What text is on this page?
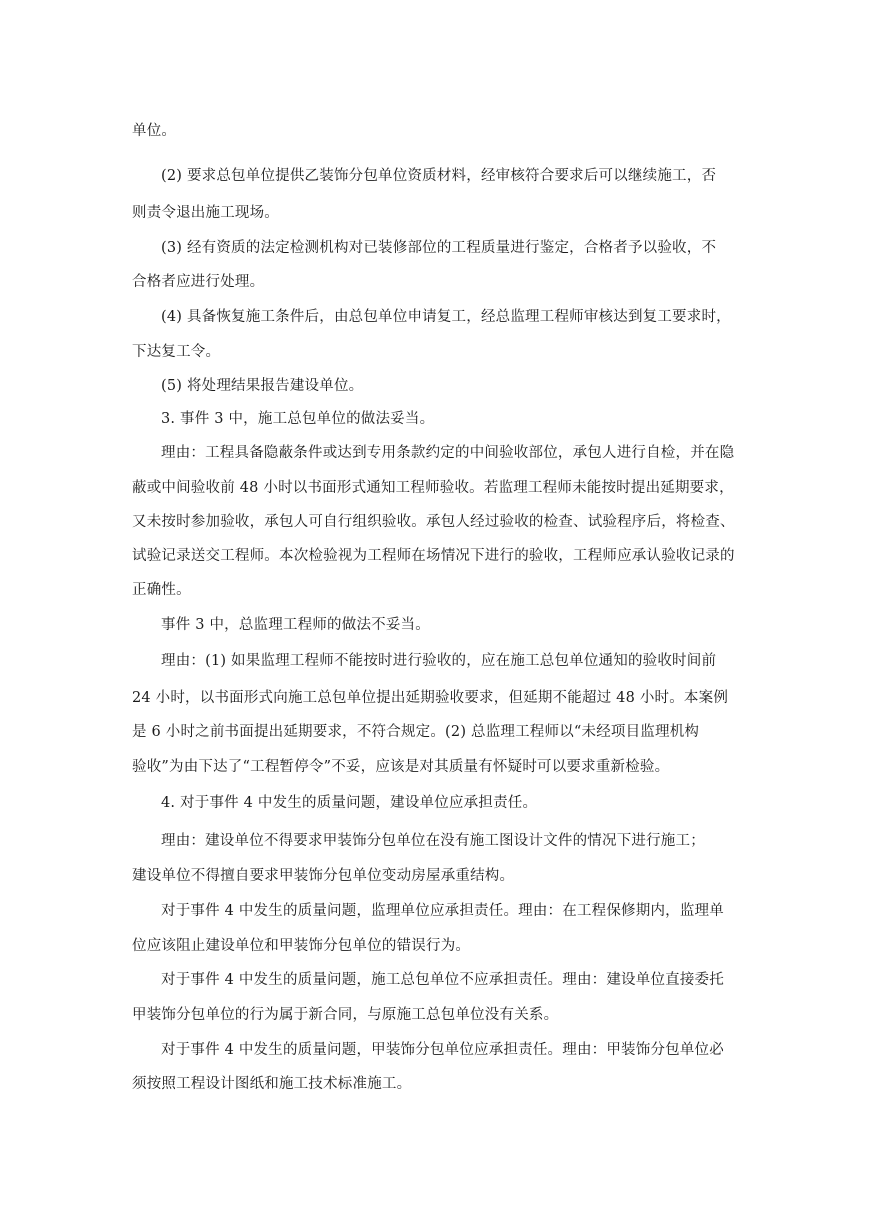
单位。
(2) 要求总包单位提供乙装饰分包单位资质材料，经审核符合要求后可以继续施工，否
则责令退出施工现场。
(3) 经有资质的法定检测机构对已装修部位的工程质量进行鉴定，合格者予以验收，不
合格者应进行处理。
(4) 具备恢复施工条件后，由总包单位申请复工，经总监理工程师审核达到复工要求时，
下达复工令。
(5) 将处理结果报告建设单位。
3. 事件 3 中，施工总包单位的做法妥当。
理由：工程具备隐蔽条件或达到专用条款约定的中间验收部位，承包人进行自检，并在隐
蔽或中间验收前 48 小时以书面形式通知工程师验收。若监理工程师未能按时提出延期要求，
又未按时参加验收，承包人可自行组织验收。承包人经过验收的检查、试验程序后，将检查、
试验记录送交工程师。本次检验视为工程师在场情况下进行的验收，工程师应承认验收记录的
正确性。
事件 3 中，总监理工程师的做法不妥当。
理由：(1) 如果监理工程师不能按时进行验收的，应在施工总包单位通知的验收时间前
24 小时，以书面形式向施工总包单位提出延期验收要求，但延期不能超过 48 小时。本案例
是 6 小时之前书面提出延期要求，不符合规定。(2) 总监理工程师以“未经项目监理机构
验收”为由下达了“工程暂停令”不妥，应该是对其质量有怀疑时可以要求重新检验。
4. 对于事件 4 中发生的质量问题，建设单位应承担责任。
理由：建设单位不得要求甲装饰分包单位在没有施工图设计文件的情况下进行施工；
建设单位不得擅自要求甲装饰分包单位变动房屋承重结构。
对于事件 4 中发生的质量问题，监理单位应承担责任。理由：在工程保修期内，监理单
位应该阻止建设单位和甲装饰分包单位的错误行为。
对于事件 4 中发生的质量问题，施工总包单位不应承担责任。理由：建设单位直接委托
甲装饰分包单位的行为属于新合同，与原施工总包单位没有关系。
对于事件 4 中发生的质量问题，甲装饰分包单位应承担责任。理由：甲装饰分包单位必
须按照工程设计图纸和施工技术标准施工。
